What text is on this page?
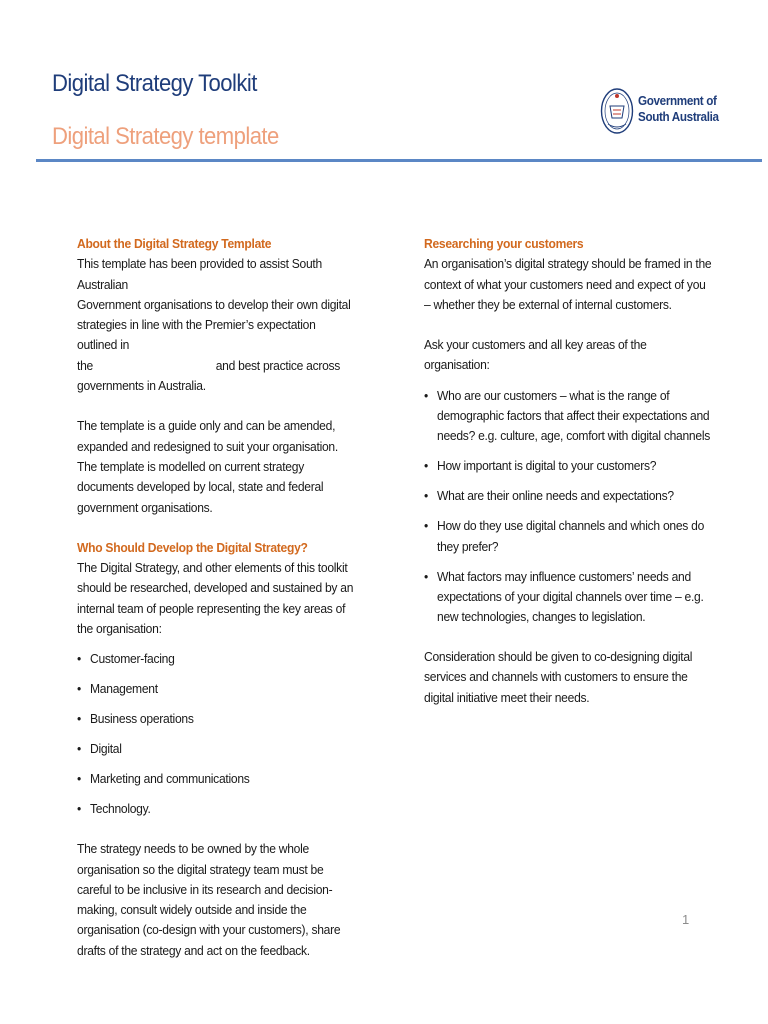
Digital Strategy Toolkit
Digital Strategy template
Government of
South Australia

About the Digital Strategy Template

This template has been provided to assist South Australian
Government organisations to develop their own digital
strategies in line with the Premier’s expectation outlined in
the	and best practice across
governments in Australia.

The template is a guide only and can be amended, expanded and redesigned to suit your organisation. The template is modelled on current strategy documents developed by local, state and federal government organisations.

Who Should Develop the Digital Strategy?

The Digital Strategy, and other elements of this toolkit should be researched, developed and sustained by an internal team of people representing the key areas of the organisation:

• Customer-facing
• Management
• Business operations
• Digital
• Marketing and communications
• Technology.

The strategy needs to be owned by the whole organisation so the digital strategy team must be careful to be inclusive in its research and decision-making, consult widely outside and inside the organisation (co-design with your customers), share drafts of the strategy and act on the feedback.

Researching your customers

An organisation’s digital strategy should be framed in the context of what your customers need and expect of you – whether they be external of internal customers.

Ask your customers and all key areas of the organisation:

• Who are our customers – what is the range of demographic factors that affect their expectations and needs? e.g. culture, age, comfort with digital channels
• How important is digital to your customers?
• What are their online needs and expectations?
• How do they use digital channels and which ones do they prefer?
• What factors may influence customers’ needs and expectations of your digital channels over time – e.g. new technologies, changes to legislation.

Consideration should be given to co-designing digital services and channels with customers to ensure the digital initiative meet their needs.

1
